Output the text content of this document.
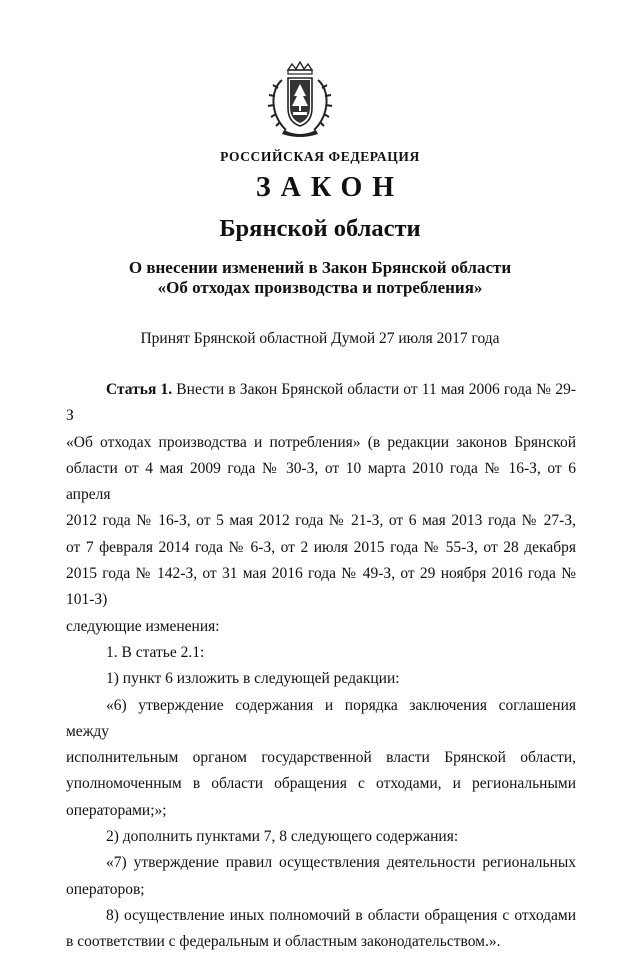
РОССИЙСКАЯ ФЕДЕРАЦИЯ
ЗАКОН
Брянской области
О внесении изменений в Закон Брянской области
«Об отходах производства и потребления»
Принят Брянской областной Думой 27 июля 2017 года

Статья 1. Внести в Закон Брянской области от 11 мая 2006 года № 29-З

«Об отходах производства и потребления» (в редакции законов Брянской

области от 4 мая 2009 года № 30-З, от 10 марта 2010 года № 16-З, от 6 апреля

2012 года № 16-З, от 5 мая 2012 года № 21-З, от 6 мая 2013 года № 27-З,

от 7 февраля 2014 года № 6-З, от 2 июля 2015 года № 55-З, от 28 декабря

2015 года № 142-З, от 31 мая 2016 года № 49-З, от 29 ноября 2016 года № 101-З)

следующие изменения:

1. В статье 2.1:

1) пункт 6 изложить в следующей редакции:

«6) утверждение содержания и порядка заключения соглашения между

исполнительным органом государственной власти Брянской области,

уполномоченным в области обращения с отходами, и региональными

операторами;»;

2) дополнить пунктами 7, 8 следующего содержания:

«7) утверждение правил осуществления деятельности региональных

операторов;

8) осуществление иных полномочий в области обращения с отходами

в соответствии с федеральным и областным законодательством.».
